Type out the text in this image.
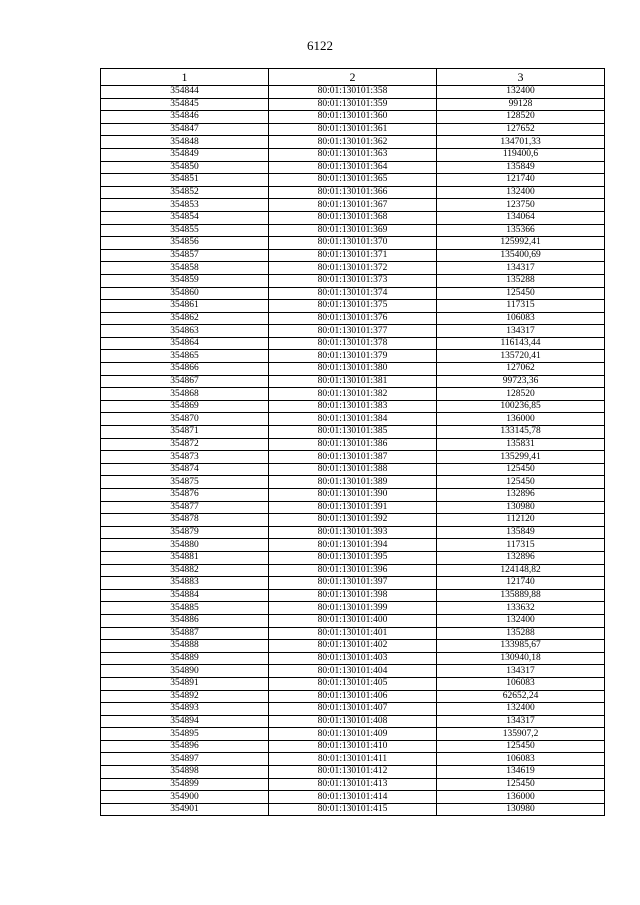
6122
1	2	3
354844	80:01:130101:358	132400
354845	80:01:130101:359	99128
354846	80:01:130101:360	128520
354847	80:01:130101:361	127652
354848	80:01:130101:362	134701,33
354849	80:01:130101:363	119400,6
354850	80:01:130101:364	135849
354851	80:01:130101:365	121740
354852	80:01:130101:366	132400
354853	80:01:130101:367	123750
354854	80:01:130101:368	134064
354855	80:01:130101:369	135366
354856	80:01:130101:370	125992,41
354857	80:01:130101:371	135400,69
354858	80:01:130101:372	134317
354859	80:01:130101:373	135288
354860	80:01:130101:374	125450
354861	80:01:130101:375	117315
354862	80:01:130101:376	106083
354863	80:01:130101:377	134317
354864	80:01:130101:378	116143,44
354865	80:01:130101:379	135720,41
354866	80:01:130101:380	127062
354867	80:01:130101:381	99723,36
354868	80:01:130101:382	128520
354869	80:01:130101:383	100236,85
354870	80:01:130101:384	136000
354871	80:01:130101:385	133145,78
354872	80:01:130101:386	135831
354873	80:01:130101:387	135299,41
354874	80:01:130101:388	125450
354875	80:01:130101:389	125450
354876	80:01:130101:390	132896
354877	80:01:130101:391	130980
354878	80:01:130101:392	112120
354879	80:01:130101:393	135849
354880	80:01:130101:394	117315
354881	80:01:130101:395	132896
354882	80:01:130101:396	124148,82
354883	80:01:130101:397	121740
354884	80:01:130101:398	135889,88
354885	80:01:130101:399	133632
354886	80:01:130101:400	132400
354887	80:01:130101:401	135288
354888	80:01:130101:402	133985,67
354889	80:01:130101:403	130940,18
354890	80:01:130101:404	134317
354891	80:01:130101:405	106083
354892	80:01:130101:406	62652,24
354893	80:01:130101:407	132400
354894	80:01:130101:408	134317
354895	80:01:130101:409	135907,2
354896	80:01:130101:410	125450
354897	80:01:130101:411	106083
354898	80:01:130101:412	134619
354899	80:01:130101:413	125450
354900	80:01:130101:414	136000
354901	80:01:130101:415	130980
